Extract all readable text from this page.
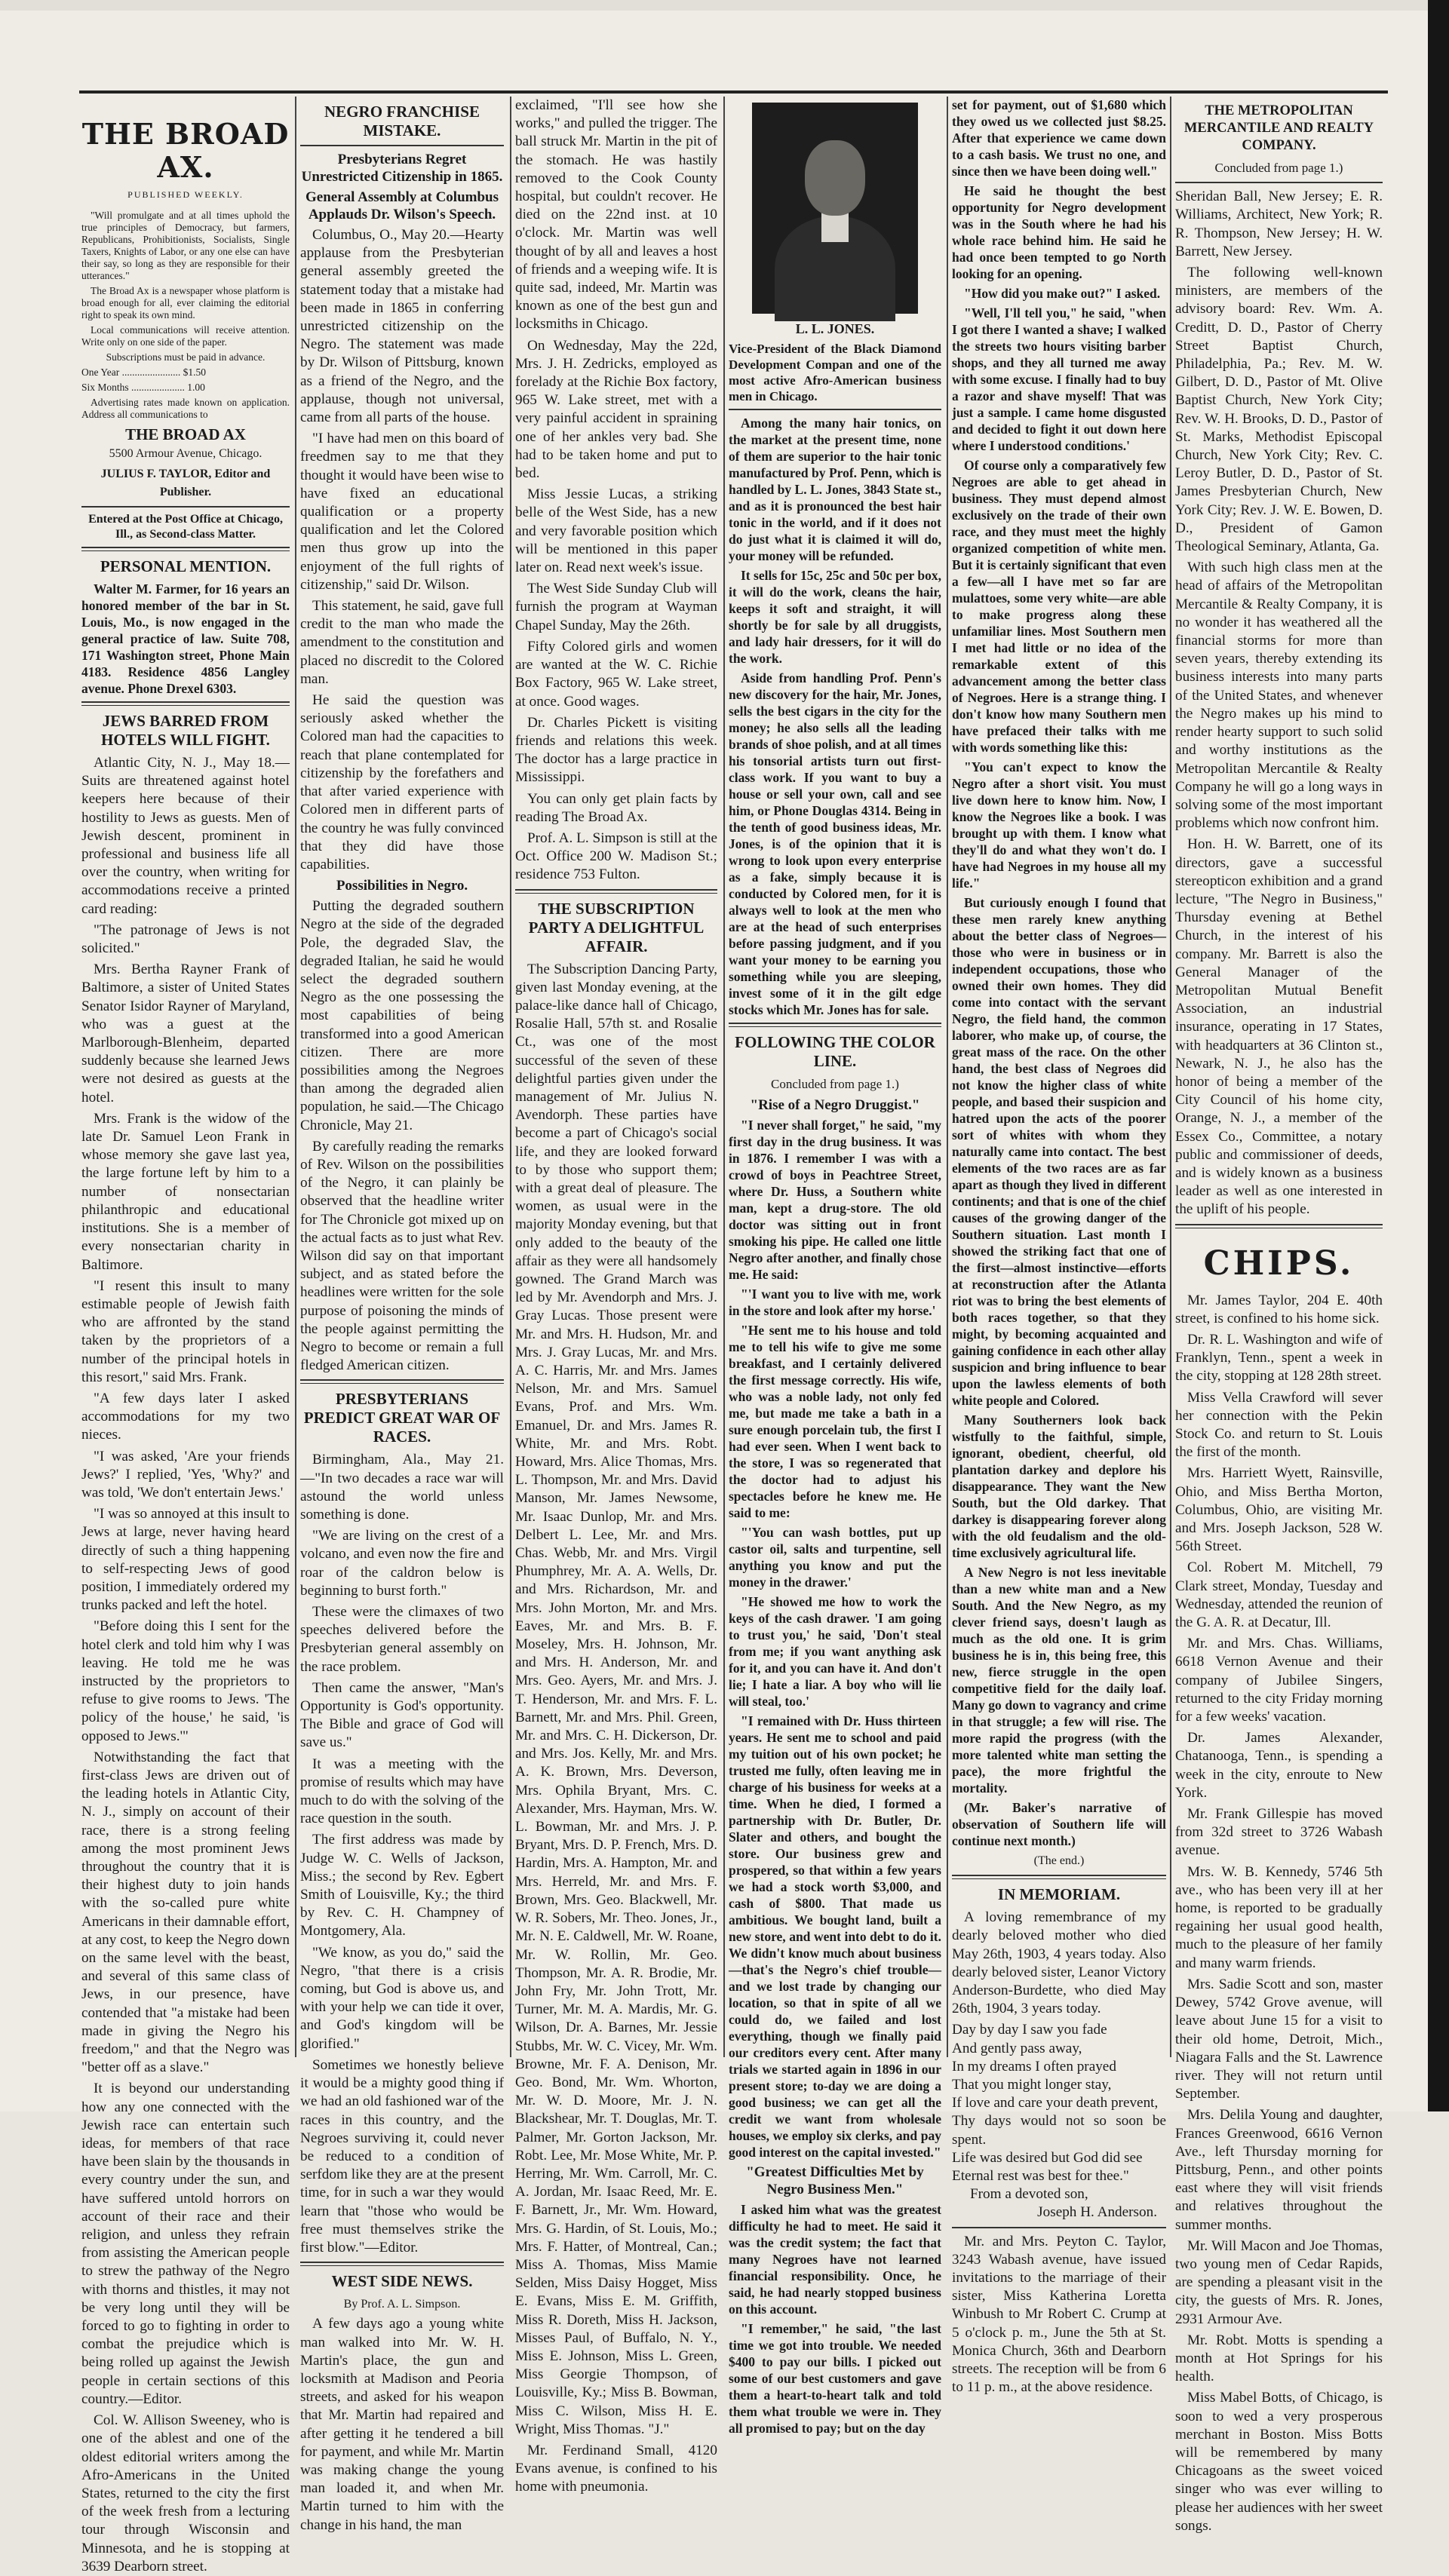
THE BROAD AX.
PUBLISHED WEEKLY.

"Will promulgate and at all times uphold the true principles of Democracy, but farmers, Republicans, Prohibitionists, Socialists, Single Taxers, Knights of Labor, or any one else can have their say, so long as they are responsible for their utterances."

The Broad Ax is a newspaper whose platform is broad enough for all, ever claiming the editorial right to speak its own mind.

Local communications will receive attention. Write only on one side of the paper.

Subscriptions must be paid in advance.

One Year ....................... $1.50

Six Months ..................... 1.00

Advertising rates made known on application. Address all communications to

THE BROAD AX
5500 Armour Avenue, Chicago.
JULIUS F. TAYLOR, Editor and Publisher.

Entered at the Post Office at Chicago, Ill., as Second-class Matter.

PERSONAL MENTION.

Walter M. Farmer, for 16 years an honored member of the bar in St. Louis, Mo., is now engaged in the general practice of law. Suite 708, 171 Washington street, Phone Main 4183. Residence 4856 Langley avenue. Phone Drexel 6303.

JEWS BARRED FROM HOTELS WILL FIGHT.

Atlantic City, N. J., May 18.—Suits are threatened against hotel keepers here because of their hostility to Jews as guests. Men of Jewish descent, prominent in professional and business life all over the country, when writing for accommodations receive a printed card reading:

"The patronage of Jews is not solicited."

Mrs. Bertha Rayner Frank of Baltimore, a sister of United States Senator Isidor Rayner of Maryland, who was a guest at the Marlborough-Blenheim, departed suddenly because she learned Jews were not desired as guests at the hotel.

Mrs. Frank is the widow of the late Dr. Samuel Leon Frank in whose memory she gave last yea, the large fortune left by him to a number of nonsectarian philanthropic and educational institutions. She is a member of every nonsectarian charity in Baltimore.

"I resent this insult to many estimable people of Jewish faith who are affronted by the stand taken by the proprietors of a number of the principal hotels in this resort," said Mrs. Frank.

"A few days later I asked accommodations for my two nieces.

"I was asked, 'Are your friends Jews?' I replied, 'Yes, 'Why?' and was told, 'We don't entertain Jews.'

"I was so annoyed at this insult to Jews at large, never having heard directly of such a thing happening to self-respecting Jews of good position, I immediately ordered my trunks packed and left the hotel.

"Before doing this I sent for the hotel clerk and told him why I was leaving. He told me he was instructed by the proprietors to refuse to give rooms to Jews. 'The policy of the house,' he said, 'is opposed to Jews.'"

Notwithstanding the fact that first-class Jews are driven out of the leading hotels in Atlantic City, N. J., simply on account of their race, there is a strong feeling among the most prominent Jews throughout the country that it is their highest duty to join hands with the so-called pure white Americans in their damnable effort, at any cost, to keep the Negro down on the same level with the beast, and several of this same class of Jews, in our presence, have contended that "a mistake had been made in giving the Negro his freedom," and that the Negro was "better off as a slave."

It is beyond our understanding how any one connected with the Jewish race can entertain such ideas, for members of that race have been slain by the thousands in every country under the sun, and have suffered untold horrors on account of their race and their religion, and unless they refrain from assisting the American people to strew the pathway of the Negro with thorns and thistles, it may not be very long until they will be forced to go to fighting in order to combat the prejudice which is being rolled up against the Jewish people in certain sections of this country.—Editor.

Col. W. Allison Sweeney, who is one of the ablest and one of the oldest editorial writers among the Afro-Americans in the United States, returned to the city the first of the week fresh from a lecturing tour through Wisconsin and Minnesota, and he is stopping at 3639 Dearborn street.

NEGRO FRANCHISE MISTAKE.
Presbyterians Regret Unrestricted Citizenship in 1865.
General Assembly at Columbus Applauds Dr. Wilson's Speech.

Columbus, O., May 20.—Hearty applause from the Presbyterian general assembly greeted the statement today that a mistake had been made in 1865 in conferring unrestricted citizenship on the Negro. The statement was made by Dr. Wilson of Pittsburg, known as a friend of the Negro, and the applause, though not universal, came from all parts of the house.

"I have had men on this board of freedmen say to me that they thought it would have been wise to have fixed an educational qualification or a property qualification and let the Colored men thus grow up into the enjoyment of the full rights of citizenship," said Dr. Wilson.

This statement, he said, gave full credit to the man who made the amendment to the constitution and placed no discredit to the Colored man.

He said the question was seriously asked whether the Colored man had the capacities to reach that plane contemplated for citizenship by the forefathers and that after varied experience with Colored men in different parts of the country he was fully convinced that they did have those capabilities.

Possibilities in Negro.

Putting the degraded southern Negro at the side of the degraded Pole, the degraded Slav, the degraded Italian, he said he would select the degraded southern Negro as the one possessing the most capabilities of being transformed into a good American citizen. There are more possibilities among the Negroes than among the degraded alien population, he said.—The Chicago Chronicle, May 21.

By carefully reading the remarks of Rev. Wilson on the possibilities of the Negro, it can plainly be observed that the headline writer for The Chronicle got mixed up on the actual facts as to just what Rev. Wilson did say on that important subject, and as stated before the headlines were written for the sole purpose of poisoning the minds of the people against permitting the Negro to become or remain a full fledged American citizen.

PRESBYTERIANS PREDICT GREAT WAR OF RACES.

Birmingham, Ala., May 21.—"In two decades a race war will astound the world unless something is done.

"We are living on the crest of a volcano, and even now the fire and roar of the caldron below is beginning to burst forth."

These were the climaxes of two speeches delivered before the Presbyterian general assembly on the race problem.

Then came the answer, "Man's Opportunity is God's opportunity. The Bible and grace of God will save us."

It was a meeting with the promise of results which may have much to do with the solving of the race question in the south.

The first address was made by Judge W. C. Wells of Jackson, Miss.; the second by Rev. Egbert Smith of Louisville, Ky.; the third by Rev. C. H. Champney of Montgomery, Ala.

"We know, as you do," said the Negro, "that there is a crisis coming, but God is above us, and with your help we can tide it over, and God's kingdom will be glorified."

Sometimes we honestly believe it would be a mighty good thing if we had an old fashioned war of the races in this country, and the Negroes surviving it, could never be reduced to a condition of serfdom like they are at the present time, for in such a war they would learn that "those who would be free must themselves strike the first blow."—Editor.

WEST SIDE NEWS.
By Prof. A. L. Simpson.

A few days ago a young white man walked into Mr. W. H. Martin's place, the gun and locksmith at Madison and Peoria streets, and asked for his weapon that Mr. Martin had repaired and after getting it he tendered a bill for payment, and while Mr. Martin was making change the young man loaded it, and when Mr. Martin turned to him with the change in his hand, the man

exclaimed, "I'll see how she works," and pulled the trigger. The ball struck Mr. Martin in the pit of the stomach. He was hastily removed to the Cook County hospital, but couldn't recover. He died on the 22nd inst. at 10 o'clock. Mr. Martin was well thought of by all and leaves a host of friends and a weeping wife. It is quite sad, indeed, Mr. Martin was known as one of the best gun and locksmiths in Chicago.

On Wednesday, May the 22d, Mrs. J. H. Zedricks, employed as forelady at the Richie Box factory, 965 W. Lake street, met with a very painful accident in spraining one of her ankles very bad. She had to be taken home and put to bed.

Miss Jessie Lucas, a striking belle of the West Side, has a new and very favorable position which will be mentioned in this paper later on. Read next week's issue.

The West Side Sunday Club will furnish the program at Wayman Chapel Sunday, May the 26th.

Fifty Colored girls and women are wanted at the W. C. Richie Box Factory, 965 W. Lake street, at once. Good wages.

Dr. Charles Pickett is visiting friends and relations this week. The doctor has a large practice in Mississippi.

You can only get plain facts by reading The Broad Ax.

Prof. A. L. Simpson is still at the Oct. Office 200 W. Madison St.; residence 753 Fulton.

THE SUBSCRIPTION PARTY A DELIGHTFUL AFFAIR.

The Subscription Dancing Party, given last Monday evening, at the palace-like dance hall of Chicago, Rosalie Hall, 57th st. and Rosalie Ct., was one of the most successful of the seven of these delightful parties given under the management of Mr. Julius N. Avendorph. These parties have become a part of Chicago's social life, and they are looked forward to by those who support them; with a great deal of pleasure. The women, as usual were in the majority Monday evening, but that only added to the beauty of the affair as they were all handsomely gowned. The Grand March was led by Mr. Avendorph and Mrs. J. Gray Lucas. Those present were Mr. and Mrs. H. Hudson, Mr. and Mrs. J. Gray Lucas, Mr. and Mrs. A. C. Harris, Mr. and Mrs. James Nelson, Mr. and Mrs. Samuel Evans, Prof. and Mrs. Wm. Emanuel, Dr. and Mrs. James R. White, Mr. and Mrs. Robt. Howard, Mrs. Alice Thomas, Mrs. L. Thompson, Mr. and Mrs. David Manson, Mr. James Newsome, Mr. Isaac Dunlop, Mr. and Mrs. Delbert L. Lee, Mr. and Mrs. Chas. Webb, Mr. and Mrs. Virgil Phumphrey, Mr. A. A. Wells, Dr. and Mrs. Richardson, Mr. and Mrs. John Morton, Mr. and Mrs. Eaves, Mr. and Mrs. B. F. Moseley, Mrs. H. Johnson, Mr. and Mrs. H. Anderson, Mr. and Mrs. Geo. Ayers, Mr. and Mrs. J. T. Henderson, Mr. and Mrs. F. L. Barnett, Mr. and Mrs. Phil. Green, Mr. and Mrs. C. H. Dickerson, Dr. and Mrs. Jos. Kelly, Mr. and Mrs. A. K. Brown, Mrs. Deverson, Mrs. Ophila Bryant, Mrs. C. Alexander, Mrs. Hayman, Mrs. W. L. Bowman, Mr. and Mrs. J. P. Bryant, Mrs. D. P. French, Mrs. D. Hardin, Mrs. A. Hampton, Mr. and Mrs. Herreld, Mr. and Mrs. F. Brown, Mrs. Geo. Blackwell, Mr. W. R. Sobers, Mr. Theo. Jones, Jr., Mr. N. E. Caldwell, Mr. W. Roane, Mr. W. Rollin, Mr. Geo. Thompson, Mr. A. R. Brodie, Mr. John Fry, Mr. John Trott, Mr. Turner, Mr. M. A. Mardis, Mr. G. Wilson, Dr. A. Barnes, Mr. Jessie Stubbs, Mr. W. C. Vicey, Mr. Wm. Browne, Mr. F. A. Denison, Mr. Geo. Bond, Mr. Wm. Whorton, Mr. W. D. Moore, Mr. J. N. Blackshear, Mr. T. Douglas, Mr. T. Palmer, Mr. Gorton Jackson, Mr. Robt. Lee, Mr. Mose White, Mr. P. Herring, Mr. Wm. Carroll, Mr. C. A. Jordan, Mr. Isaac Reed, Mr. E. F. Barnett, Jr., Mr. Wm. Howard, Mrs. G. Hardin, of St. Louis, Mo.; Mrs. F. Hatter, of Montreal, Can.; Miss A. Thomas, Miss Mamie Selden, Miss Daisy Hogget, Miss E. Evans, Miss E. M. Griffith, Miss R. Doreth, Miss H. Jackson, Misses Paul, of Buffalo, N. Y., Miss E. Johnson, Miss L. Green, Miss Georgie Thompson, of Louisville, Ky.; Miss B. Bowman, Miss C. Wilson, Miss H. E. Wright, Miss Thomas. "J."

Mr. Ferdinand Small, 4120 Evans avenue, is confined to his home with pneumonia.

L. L. JONES.

Vice-President of the Black Diamond Development Compan and one of the most active Afro-American business men in Chicago.

Among the many hair tonics, on the market at the present time, none of them are superior to the hair tonic manufactured by Prof. Penn, which is handled by L. L. Jones, 3843 State st., and as it is pronounced the best hair tonic in the world, and if it does not do just what it is claimed it will do, your money will be refunded.

It sells for 15c, 25c and 50c per box, it will do the work, cleans the hair, keeps it soft and straight, it will shortly be for sale by all druggists, and lady hair dressers, for it will do the work.

Aside from handling Prof. Penn's new discovery for the hair, Mr. Jones, sells the best cigars in the city for the money; he also sells all the leading brands of shoe polish, and at all times his tonsorial artists turn out first-class work. If you want to buy a house or sell your own, call and see him, or Phone Douglas 4314. Being in the tenth of good business ideas, Mr. Jones, is of the opinion that it is wrong to look upon every enterprise as a fake, simply because it is conducted by Colored men, for it is always well to look at the men who are at the head of such enterprises before passing judgment, and if you want your money to be earning you something while you are sleeping, invest some of it in the gilt edge stocks which Mr. Jones has for sale.

FOLLOWING THE COLOR LINE.
Concluded from page 1.)
"Rise of a Negro Druggist."

"I never shall forget," he said, "my first day in the drug business. It was in 1876. I remember I was with a crowd of boys in Peachtree Street, where Dr. Huss, a Southern white man, kept a drug-store. The old doctor was sitting out in front smoking his pipe. He called one little Negro after another, and finally chose me. He said:

"'I want you to live with me, work in the store and look after my horse.'

"He sent me to his house and told me to tell his wife to give me some breakfast, and I certainly delivered the first message correctly. His wife, who was a noble lady, not only fed me, but made me take a bath in a sure enough porcelain tub, the first I had ever seen. When I went back to the store, I was so regenerated that the doctor had to adjust his spectacles before he knew me. He said to me:

"'You can wash bottles, put up castor oil, salts and turpentine, sell anything you know and put the money in the drawer.'

"He showed me how to work the keys of the cash drawer. 'I am going to trust you,' he said, 'Don't steal from me; if you want anything ask for it, and you can have it. And don't lie; I hate a liar. A boy who will lie will steal, too.'

"I remained with Dr. Huss thirteen years. He sent me to school and paid my tuition out of his own pocket; he trusted me fully, often leaving me in charge of his business for weeks at a time. When he died, I formed a partnership with Dr. Butler, Dr. Slater and others, and bought the store. Our business grew and prospered, so that within a few years we had a stock worth $3,000, and cash of $800. That made us ambitious. We bought land, built a new store, and went into debt to do it. We didn't know much about business—that's the Negro's chief trouble—and we lost trade by changing our location, so that in spite of all we could do, we failed and lost everything, though we finally paid our creditors every cent. After many trials we started again in 1896 in our present store; to-day we are doing a good business; we can get all the credit we want from wholesale houses, we employ six clerks, and pay good interest on the capital invested."

"Greatest Difficulties Met by Negro Business Men."

I asked him what was the greatest difficulty he had to meet. He said it was the credit system; the fact that many Negroes have not learned financial responsibility. Once, he said, he had nearly stopped business on this account.

"I remember," he said, "the last time we got into trouble. We needed $400 to pay our bills. I picked out some of our best customers and gave them a heart-to-heart talk and told them what trouble we were in. They all promised to pay; but on the day

set for payment, out of $1,680 which they owed us we collected just $8.25. After that experience we came down to a cash basis. We trust no one, and since then we have been doing well."

He said he thought the best opportunity for Negro development was in the South where he had his whole race behind him. He said he had once been tempted to go North looking for an opening.

"How did you make out?" I asked.

"Well, I'll tell you," he said, "when I got there I wanted a shave; I walked the streets two hours visiting barber shops, and they all turned me away with some excuse. I finally had to buy a razor and shave myself! That was just a sample. I came home disgusted and decided to fight it out down here where I understood conditions.'

Of course only a comparatively few Negroes are able to get ahead in business. They must depend almost exclusively on the trade of their own race, and they must meet the highly organized competition of white men. But it is certainly significant that even a few—all I have met so far are mulattoes, some very white—are able to make progress along these unfamiliar lines. Most Southern men I met had little or no idea of the remarkable extent of this advancement among the better class of Negroes. Here is a strange thing. I don't know how many Southern men have prefaced their talks with me with words something like this:

"You can't expect to know the Negro after a short visit. You must live down here to know him. Now, I know the Negroes like a book. I was brought up with them. I know what they'll do and what they won't do. I have had Negroes in my house all my life."

But curiously enough I found that these men rarely knew anything about the better class of Negroes—those who were in business or in independent occupations, those who owned their own homes. They did come into contact with the servant Negro, the field hand, the common laborer, who make up, of course, the great mass of the race. On the other hand, the best class of Negroes did not know the higher class of white people, and based their suspicion and hatred upon the acts of the poorer sort of whites with whom they naturally came into contact. The best elements of the two races are as far apart as though they lived in different continents; and that is one of the chief causes of the growing danger of the Southern situation. Last month I showed the striking fact that one of the first—almost instinctive—efforts at reconstruction after the Atlanta riot was to bring the best elements of both races together, so that they might, by becoming acquainted and gaining confidence in each other allay suspicion and bring influence to bear upon the lawless elements of both white people and Colored.

Many Southerners look back wistfully to the faithful, simple, ignorant, obedient, cheerful, old plantation darkey and deplore his disappearance. They want the New South, but the Old darkey. That darkey is disappearing forever along with the old feudalism and the old-time exclusively agricultural life.

A New Negro is not less inevitable than a new white man and a New South. And the New Negro, as my clever friend says, doesn't laugh as much as the old one. It is grim business he is in, this being free, this new, fierce struggle in the open competitive field for the daily loaf. Many go down to vagrancy and crime in that struggle; a few will rise. The more rapid the progress (with the more talented white man setting the pace), the more frightful the mortality.

(Mr. Baker's narrative of observation of Southern life will continue next month.)

(The end.)
IN MEMORIAM.

A loving remembrance of my dearly beloved mother who died May 26th, 1903, 4 years today. Also dearly beloved sister, Leanor Victory Anderson-Burdette, who died May 26th, 1904, 3 years today.

Day by day I saw you fade

And gently pass away,

In my dreams I often prayed

That you might longer stay,

If love and care your death prevent,

Thy days would not so soon be spent.

Life was desired but God did see

Eternal rest was best for thee."

From a devoted son,

Joseph H. Anderson.

Mr. and Mrs. Peyton C. Taylor, 3243 Wabash avenue, have issued invitations to the marriage of their sister, Miss Katherina Loretta Winbush to Mr Robert C. Crump at 5 o'clock p. m., June the 5th at St. Monica Church, 36th and Dearborn streets. The reception will be from 6 to 11 p. m., at the above residence.

THE METROPOLITAN MERCANTILE AND REALTY COMPANY.
Concluded from page 1.)

Sheridan Ball, New Jersey; E. R. Williams, Architect, New York; R. R. Thompson, New Jersey; H. W. Barrett, New Jersey.

The following well-known ministers, are members of the advisory board: Rev. Wm. A. Creditt, D. D., Pastor of Cherry Street Baptist Church, Philadelphia, Pa.; Rev. M. W. Gilbert, D. D., Pastor of Mt. Olive Baptist Church, New York City; Rev. W. H. Brooks, D. D., Pastor of St. Marks, Methodist Episcopal Church, New York City; Rev. C. Leroy Butler, D. D., Pastor of St. James Presbyterian Church, New York City; Rev. J. W. E. Bowen, D. D., President of Gamon Theological Seminary, Atlanta, Ga.

With such high class men at the head of affairs of the Metropolitan Mercantile & Realty Company, it is no wonder it has weathered all the financial storms for more than seven years, thereby extending its business interests into many parts of the United States, and whenever the Negro makes up his mind to render hearty support to such solid and worthy institutions as the Metropolitan Mercantile & Realty Company he will go a long ways in solving some of the most important problems which now confront him.

Hon. H. W. Barrett, one of its directors, gave a successful stereopticon exhibition and a grand lecture, "The Negro in Business," Thursday evening at Bethel Church, in the interest of his company. Mr. Barrett is also the General Manager of the Metropolitan Mutual Benefit Association, an industrial insurance, operating in 17 States, with headquarters at 36 Clinton st., Newark, N. J., he also has the honor of being a member of the City Council of his home city, Orange, N. J., a member of the Essex Co., Committee, a notary public and commissioner of deeds, and is widely known as a business leader as well as one interested in the uplift of his people.

CHIPS.

Mr. James Taylor, 204 E. 40th street, is confined to his home sick.

Dr. R. L. Washington and wife of Franklyn, Tenn., spent a week in the city, stopping at 128 28th street.

Miss Vella Crawford will sever her connection with the Pekin Stock Co. and return to St. Louis the first of the month.

Mrs. Harriett Wyett, Rainsville, Ohio, and Miss Bertha Morton, Columbus, Ohio, are visiting Mr. and Mrs. Joseph Jackson, 528 W. 56th Street.

Col. Robert M. Mitchell, 79 Clark street, Monday, Tuesday and Wednesday, attended the reunion of the G. A. R. at Decatur, Ill.

Mr. and Mrs. Chas. Williams, 6618 Vernon Avenue and their company of Jubilee Singers, returned to the city Friday morning for a few weeks' vacation.

Dr. James Alexander, Chatanooga, Tenn., is spending a week in the city, enroute to New York.

Mr. Frank Gillespie has moved from 32d street to 3726 Wabash avenue.

Mrs. W. B. Kennedy, 5746 5th ave., who has been very ill at her home, is reported to be gradually regaining her usual good health, much to the pleasure of her family and many warm friends.

Mrs. Sadie Scott and son, master Dewey, 5742 Grove avenue, will leave about June 15 for a visit to their old home, Detroit, Mich., Niagara Falls and the St. Lawrence river. They will not return until September.

Mrs. Delila Young and daughter, Frances Greenwood, 6616 Vernon Ave., left Thursday morning for Pittsburg, Penn., and other points east where they will visit friends and relatives throughout the summer months.

Mr. Will Macon and Joe Thomas, two young men of Cedar Rapids, are spending a pleasant visit in the city, the guests of Mrs. R. Jones, 2931 Armour Ave.

Mr. Robt. Motts is spending a month at Hot Springs for his health.

Miss Mabel Botts, of Chicago, is soon to wed a very prosperous merchant in Boston. Miss Botts will be remembered by many Chicagoans as the sweet voiced singer who was ever willing to please her audiences with her sweet songs.
